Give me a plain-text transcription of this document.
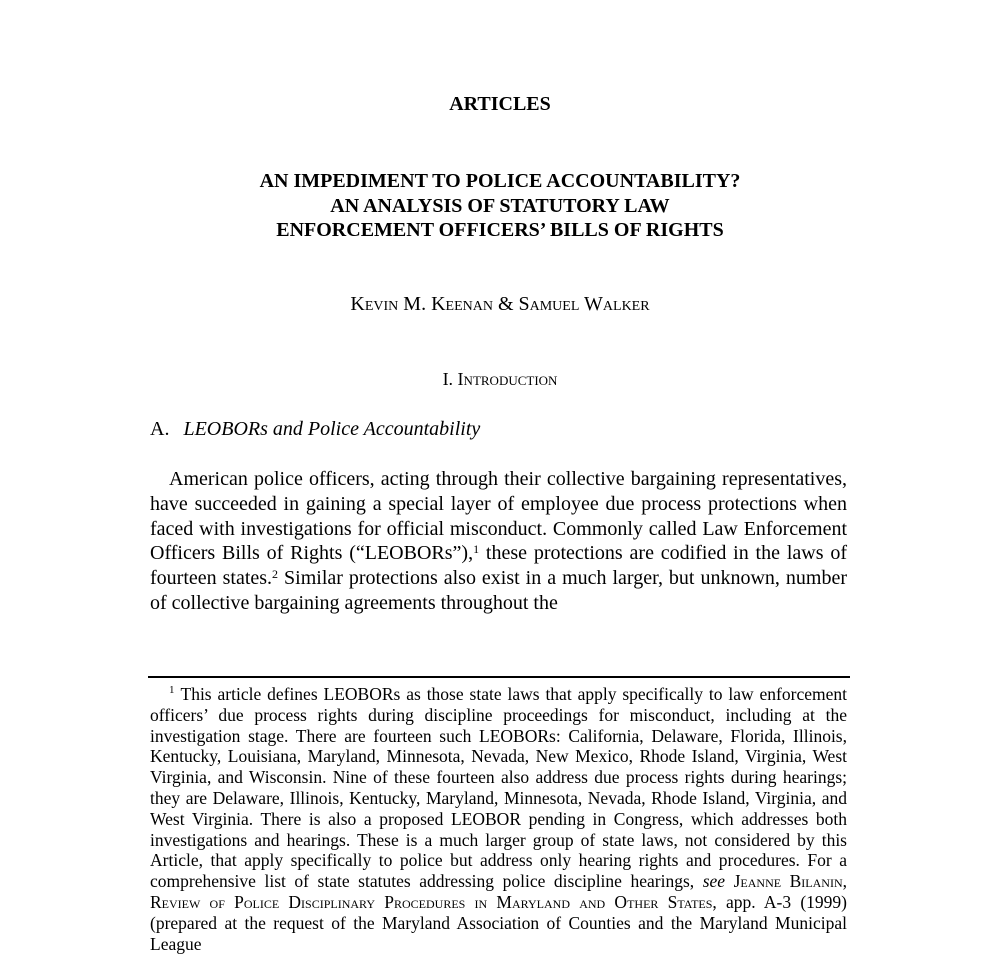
ARTICLES
AN IMPEDIMENT TO POLICE ACCOUNTABILITY?
AN ANALYSIS OF STATUTORY LAW
ENFORCEMENT OFFICERS’ BILLS OF RIGHTS
Kevin M. Keenan & Samuel Walker
I. Introduction
A. LEOBORs and Police Accountability
American police officers, acting through their collective bargaining representatives, have succeeded in gaining a special layer of employee due process protections when faced with investigations for official misconduct. Commonly called Law Enforcement Officers Bills of Rights (“LEOBORs”),$^1$ these protections are codified in the laws of fourteen states.$^2$ Similar protections also exist in a much larger, but unknown, number of collective bargaining agreements throughout the
$^1$ This article defines LEOBORs as those state laws that apply specifically to law enforcement officers’ due process rights during discipline proceedings for misconduct, including at the investigation stage. There are fourteen such LEOBORs: California, Delaware, Florida, Illinois, Kentucky, Louisiana, Maryland, Minnesota, Nevada, New Mexico, Rhode Island, Virginia, West Virginia, and Wisconsin. Nine of these fourteen also address due process rights during hearings; they are Delaware, Illinois, Kentucky, Maryland, Minnesota, Nevada, Rhode Island, Virginia, and West Virginia. There is also a proposed LEOBOR pending in Congress, which addresses both investigations and hearings. These is a much larger group of state laws, not considered by this Article, that apply specifically to police but address only hearing rights and procedures. For a comprehensive list of state statutes addressing police discipline hearings, see Jeanne Bilanin, Review of Police Disciplinary Procedures in Maryland and Other States, app. A-3 (1999) (prepared at the request of the Maryland Association of Counties and the Maryland Municipal League
